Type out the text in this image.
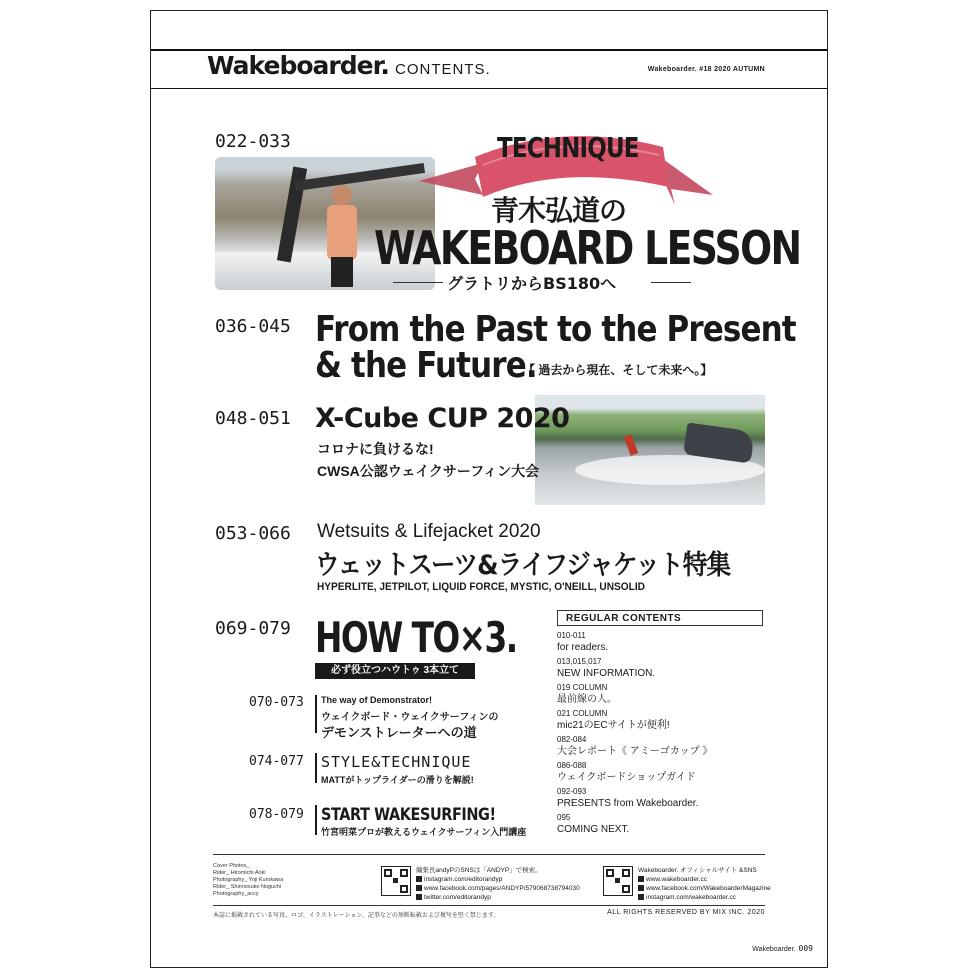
Wakeboarder. CONTENTS.	Wakeboarder. #18 2020 AUTUMN
022-033	TECHNIQUE
青木弘道の
WAKEBOARD LESSON
グラトリからBS180へ
036-045 From the Past to the Present
& the Future.
【 過去から現在、そして未来へ。】
048-051 X-Cube CUP 2020
コロナに負けるな!
CWSA公認ウェイクサーフィン大会
053-066 Wetsuits & Lifejacket 2020
ウェットスーツ&ライフジャケット特集
HYPERLITE, JETPILOT, LIQUID FORCE, MYSTIC, O'NEILL, UNSOLID
069-079 HOW TO×3.
必ず役立つハウトゥ 3本立て
070-073 The way of Demonstrator!
ウェイクボード・ウェイクサーフィンの
デモンストレーターへの道
074-077 STYLE&TECHNIQUE
MATTがトップライダーの滑りを解説!
078-079 START WAKESURFING!
竹宮明菜プロが教えるウェイクサーフィン入門講座
REGULAR CONTENTS
010-011
for readers.
013,015,017
NEW INFORMATION.
019 COLUMN
最前線の人。
021 COLUMN
mic21のECサイトが便利!
082-084
大会レポート《 アミーゴカップ 》
086-088
ウェイクボードショップガイド
092-093
PRESENTS from Wakeboarder.
095
COMING NEXT.
Cover Photos_
Rider_ Hiromichi Aoki
Photography_ Yoji Kurokawa
Rider_ Shinnosuke Noguchi
Photography_accy
編集長andyPのSNSは「ANDYP」で検索。
instagram.com/editorandyp
www.facebook.com/pages/ANDYP/579068738794030
twitter.com/editorandyp
Wakeboarder. オフィシャルサイト &SNS
www.wakeboarder.cc
www.facebook.com/WakeboarderMagazine
instagram.com/wakeboarder.cc
本誌に掲載されている写真、ロゴ、イラストレーション、記事などの無断転載および複写を堅く禁じます。	ALL RIGHTS RESERVED BY MIX INC. 2020
Wakeboarder. 009
